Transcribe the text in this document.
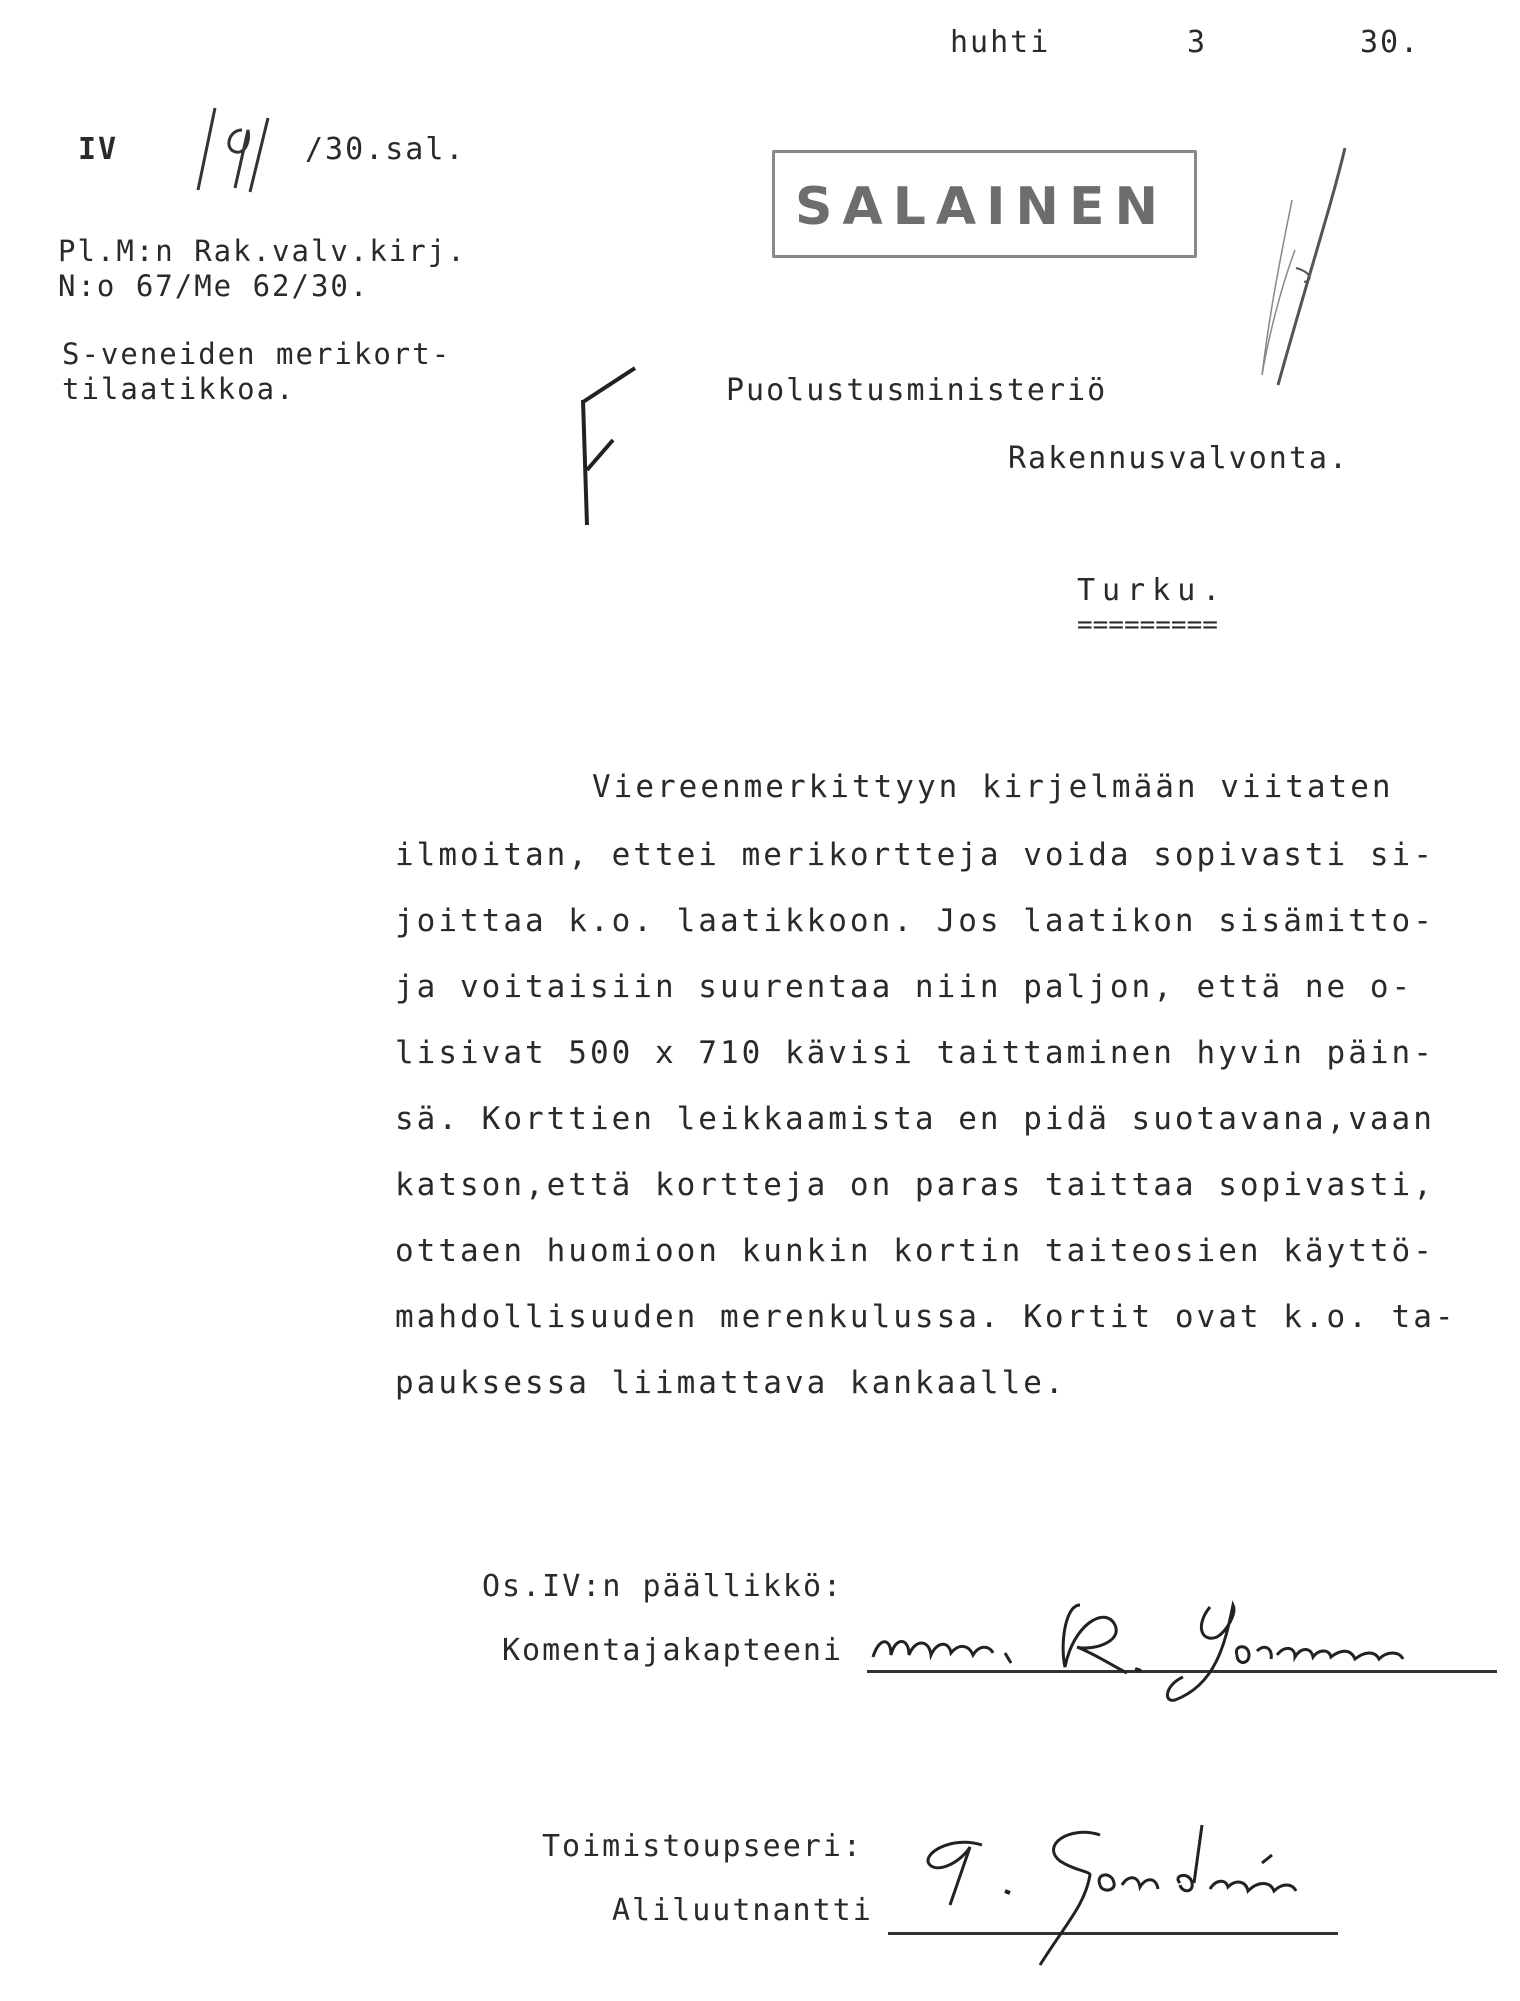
huhti	3	30.
IV	/30.sal.
Pl.M:n Rak.valv.kirj.
N:o 67/Me 62/30.
S-veneiden merikort-
tilaatikkoa.
SALAINEN
Puolustusministeriö
Rakennusvalvonta.
Turku.
=========
Viereenmerkittyyn kirjelmään viitaten
ilmoitan, ettei merikortteja voida sopivasti si-
joittaa k.o. laatikkoon. Jos laatikon sisämitto-
ja voitaisiin suurentaa niin paljon, että ne o-
lisivat 500 x 710 kävisi taittaminen hyvin päin-
sä. Korttien leikkaamista en pidä suotavana,vaan
katson,että kortteja on paras taittaa sopivasti,
ottaen huomioon kunkin kortin taiteosien käyttö-
mahdollisuuden merenkulussa. Kortit ovat k.o. ta-
pauksessa liimattava kankaalle.
Os.IV:n päällikkö:
Komentajakapteeni
Toimistoupseeri:
Aliluutnantti
